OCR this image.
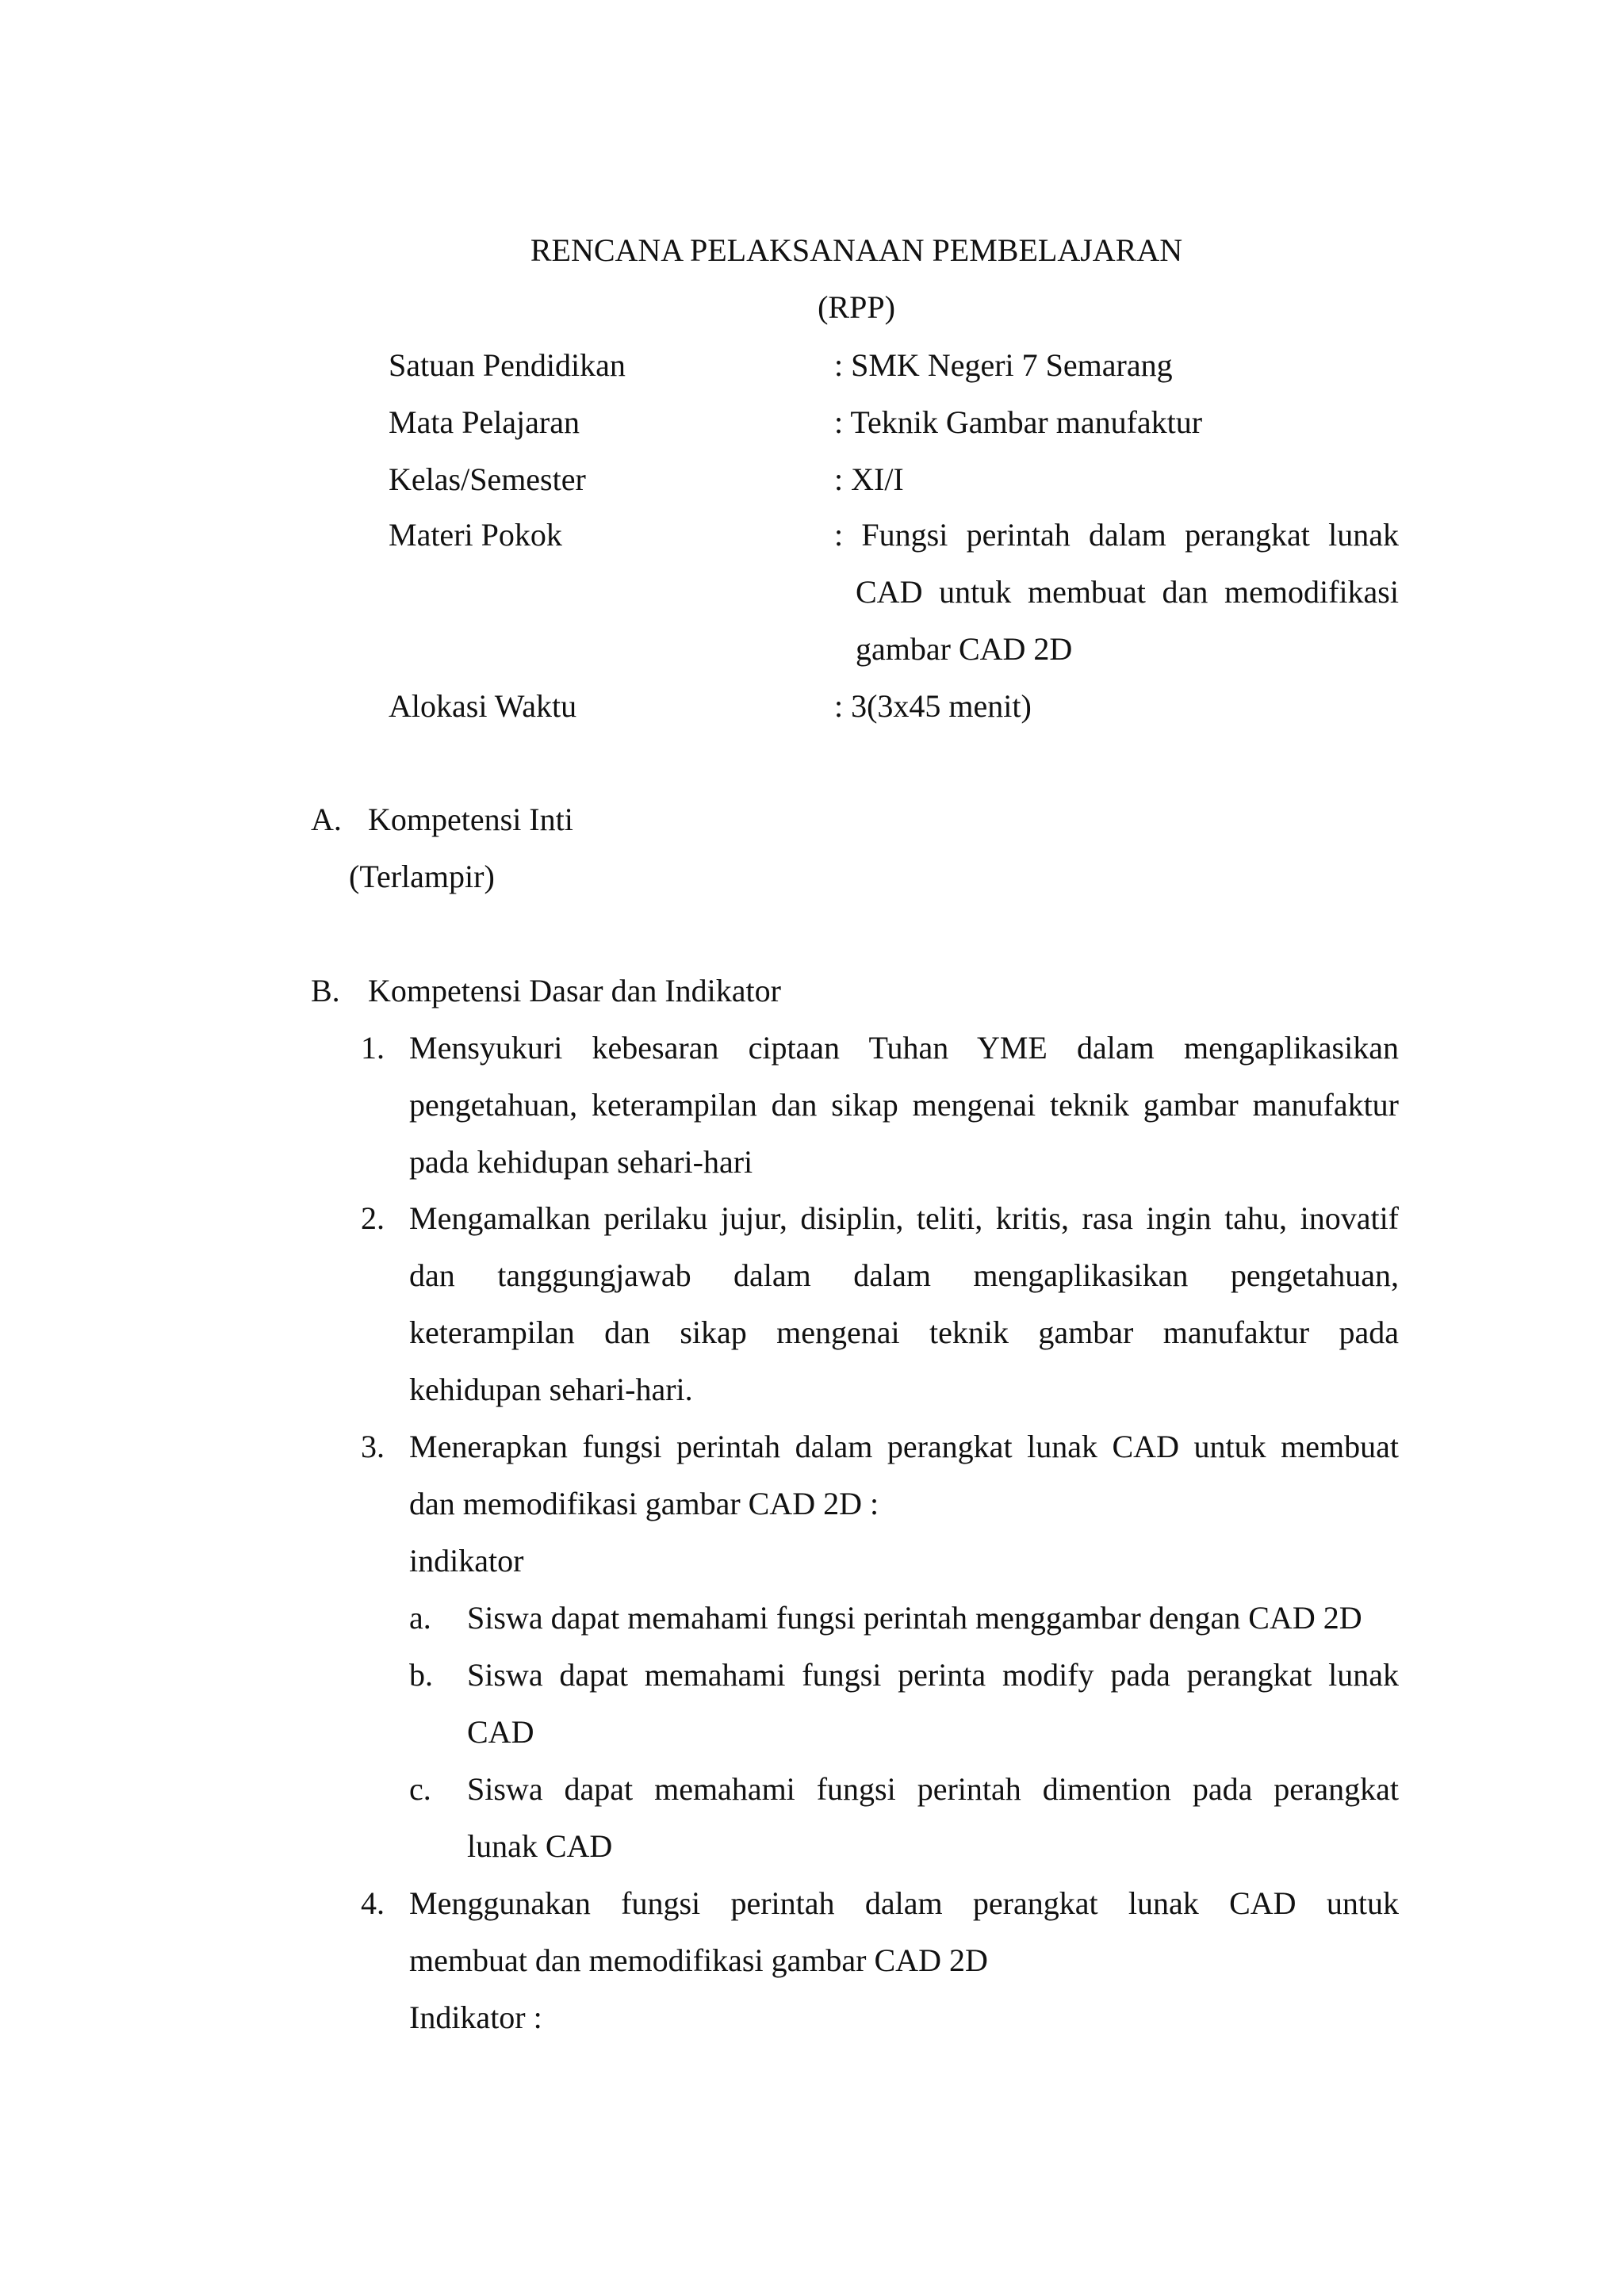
RENCANA PELAKSANAAN PEMBELAJARAN
(RPP)
Satuan Pendidikan	: SMK Negeri 7 Semarang
Mata Pelajaran	: Teknik Gambar manufaktur
Kelas/Semester	: XI/I
Materi Pokok	: Fungsi perintah dalam perangkat lunak
CAD untuk membuat dan memodifikasi
gambar CAD 2D
Alokasi Waktu	: 3(3x45 menit)
A. Kompetensi Inti
(Terlampir)
B. Kompetensi Dasar dan Indikator
1. Mensyukuri kebesaran ciptaan Tuhan YME dalam mengaplikasikan
pengetahuan, keterampilan dan sikap mengenai teknik gambar manufaktur
pada kehidupan sehari-hari
2. Mengamalkan perilaku jujur, disiplin, teliti, kritis, rasa ingin tahu, inovatif
dan tanggungjawab dalam dalam mengaplikasikan pengetahuan,
keterampilan dan sikap mengenai teknik gambar manufaktur pada
kehidupan sehari-hari.
3. Menerapkan fungsi perintah dalam perangkat lunak CAD untuk membuat
dan memodifikasi gambar CAD 2D :
indikator
a. Siswa dapat memahami fungsi perintah menggambar dengan CAD 2D
b. Siswa dapat memahami fungsi perinta modify pada perangkat lunak
CAD
c. Siswa dapat memahami fungsi perintah dimention pada perangkat
lunak CAD
4. Menggunakan fungsi perintah dalam perangkat lunak CAD untuk
membuat dan memodifikasi gambar CAD 2D
Indikator :
